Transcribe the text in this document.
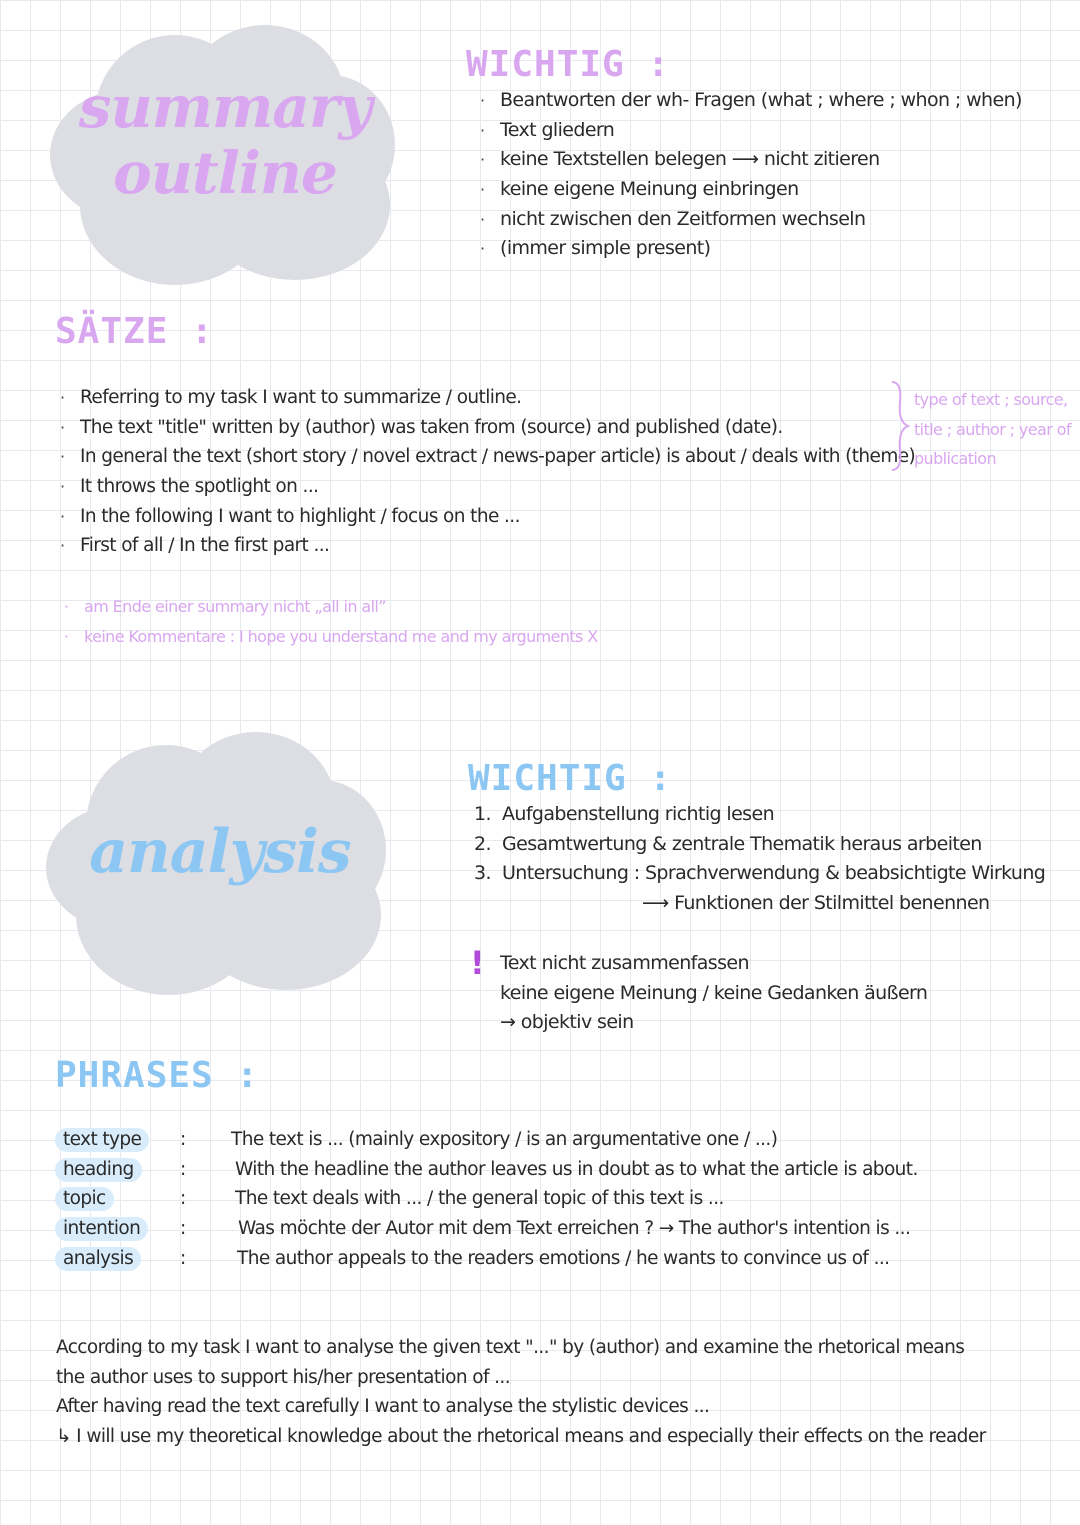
summary
outline
WICHTIG :
· Beantworten der wh- Fragen (what ; where ; whon ; when)
· Text gliedern
· keine Textstellen belegen ⟶ nicht zitieren
· keine eigene Meinung einbringen
· nicht zwischen den Zeitformen wechseln
· (immer simple present)
SÄTZE :
· Referring to my task I want to summarize / outline.
· The text "title" written by (author) was taken from (source) and published (date).
· In general the text (short story / novel extract / news-paper article) is about / deals with (theme)
· It throws the spotlight on ...
· In the following I want to highlight / focus on the ...
· First of all / In the first part ...
type of text ; source,
title ; author ; year of
publication
· am Ende einer summary nicht „all in all”
· keine Kommentare : I hope you understand me and my arguments X
analysis
WICHTIG :
1. Aufgabenstellung richtig lesen
2. Gesamtwertung & zentrale Thematik heraus arbeiten
3. Untersuchung : Sprachverwendung & beabsichtigte Wirkung
⟶ Funktionen der Stilmittel benennen
! Text nicht zusammenfassen
keine eigene Meinung / keine Gedanken äußern
→ objektiv sein
PHRASES :
text type : The text is ... (mainly expository / is an argumentative one / ...)
heading	:	With the headline the author leaves us in doubt as to what the article is about.
topic	:	The text deals with ... / the general topic of this text is ...
intention :	Was möchte der Autor mit dem Text erreichen ? → The author's intention is ...
analysis	:	The author appeals to the readers emotions / he wants to convince us of ...
According to my task I want to analyse the given text "..." by (author) and examine the rhetorical means
the author uses to support his/her presentation of ...
After having read the text carefully I want to analyse the stylistic devices ...
↳ I will use my theoretical knowledge about the rhetorical means and especially their effects on the reader
